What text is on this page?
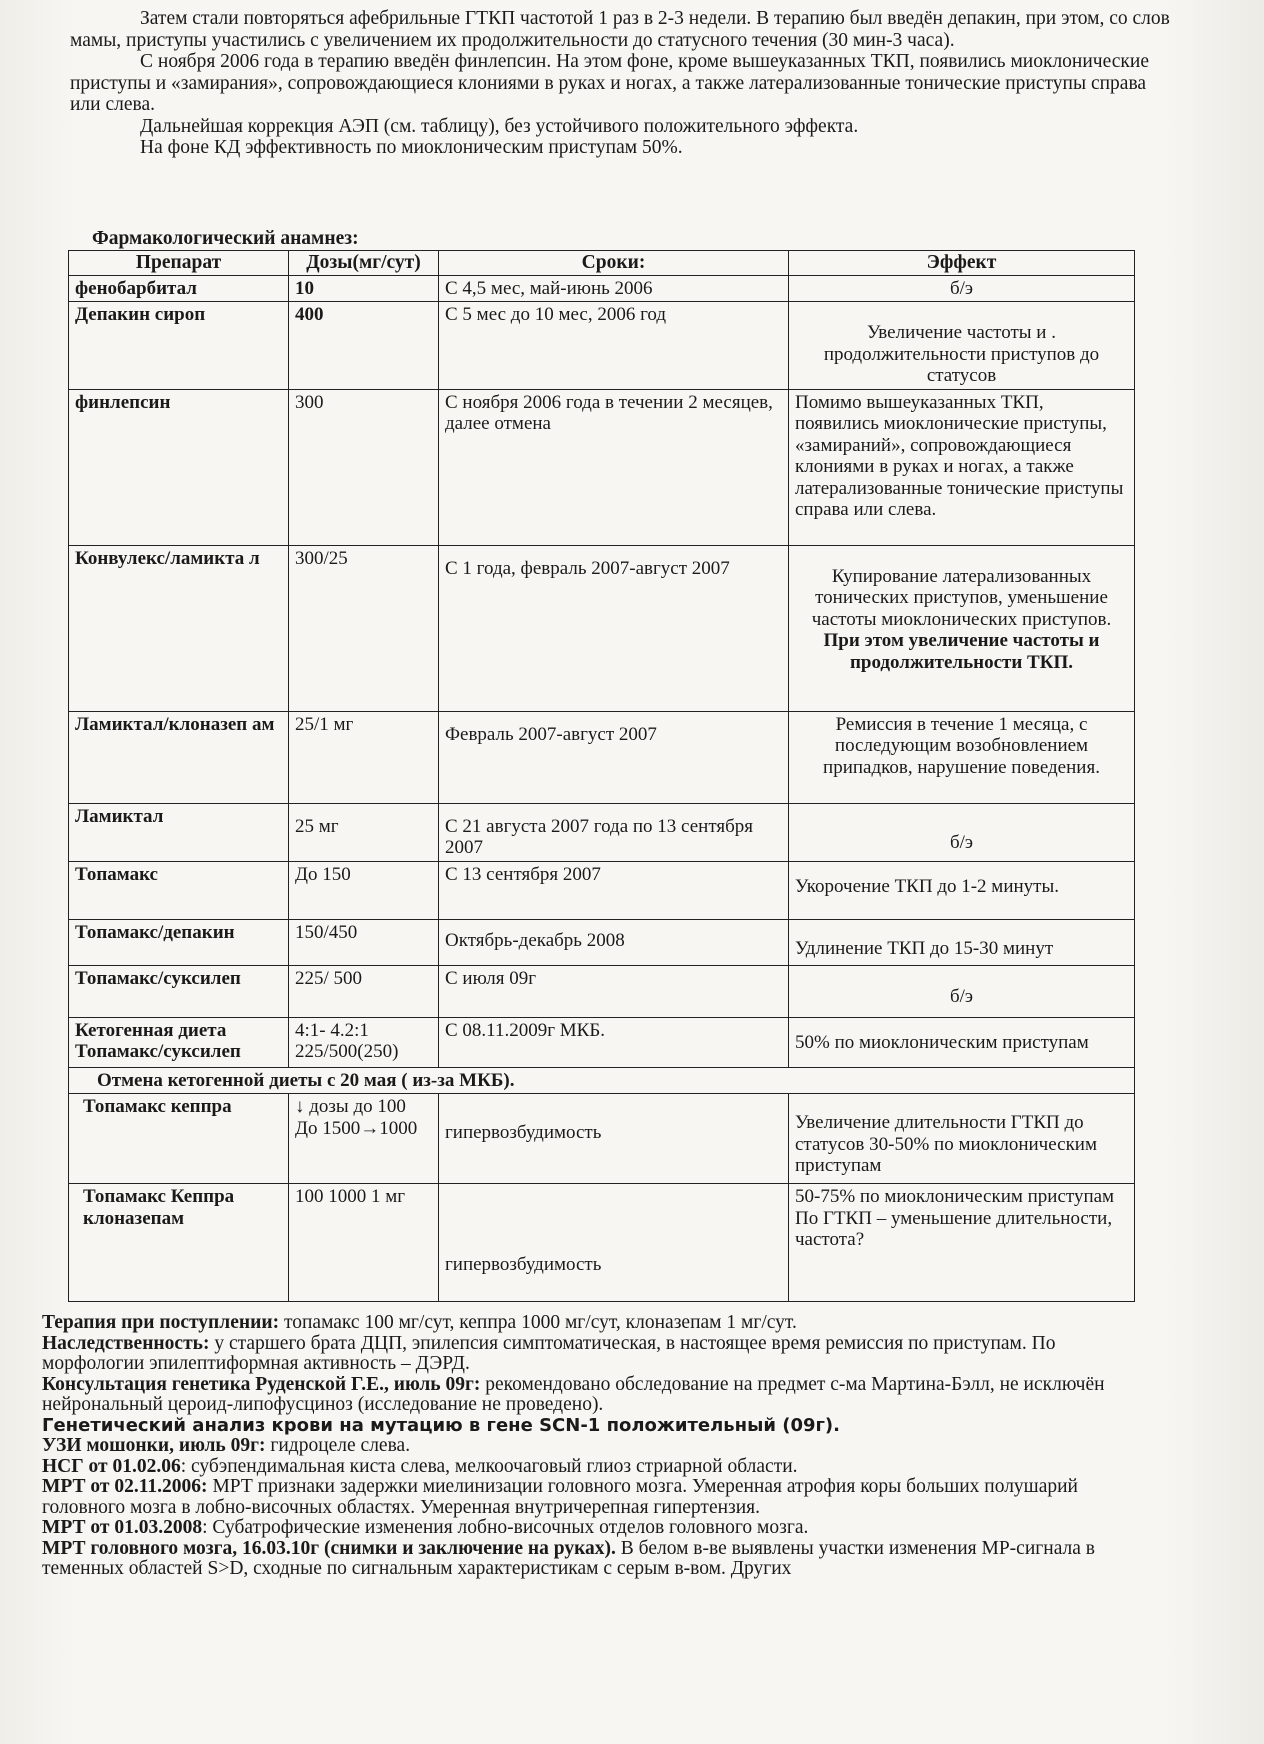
Затем стали повторяться афебрильные ГТКП частотой 1 раз в 2-3 недели. В терапию был введён депакин, при этом, со слов мамы, приступы участились с увеличением их продолжительности до статусного течения (30 мин-3 часа).

С ноября 2006 года в терапию введён финлепсин. На этом фоне, кроме вышеуказанных ТКП, появились миоклонические приступы и «замирания», сопровождающиеся клониями в руках и ногах, а также латерализованные тонические приступы справа или слева.

Дальнейшая коррекция АЭП (см. таблицу), без устойчивого положительного эффекта.

На фоне КД эффективность по миоклоническим приступам 50%.

Фармакологический анамнез:
Препарат	Дозы(мг/сут)	Сроки:	Эффект
фенобарбитал	10	С 4,5 мес, май-июнь 2006	б/э
Депакин сироп	400	С 5 мес до 10 мес, 2006 год	Увеличение частоты и . продолжительности приступов до статусов
финлепсин	300	С ноября 2006 года в течении 2 месяцев, далее отмена	Помимо вышеуказанных ТКП, появились миоклонические приступы, «замираний», сопровождающиеся клониями в руках и ногах, а также латерализованные тонические приступы справа или слева.
Конвулекс/ламикта л	300/25	С 1 года, февраль 2007-август 2007	Купирование латерализованных тонических приступов, уменьшение частоты миоклонических приступов. При этом увеличение частоты и продолжительности ТКП.
Ламиктал/клоназеп ам	25/1 мг	Февраль 2007-август 2007	Ремиссия в течение 1 месяца, с последующим возобновлением припадков, нарушение поведения.
Ламиктал	25 мг	С 21 августа 2007 года по 13 сентября 2007	б/э
Топамакс	До 150	С 13 сентября 2007	Укорочение ТКП до 1-2 минуты.
Топамакс/депакин	150/450	Октябрь-декабрь 2008	Удлинение ТКП до 15-30 минут
Топамакс/суксилеп	225/ 500	С июля 09г	б/э
Кетогенная диета Топамакс/суксилеп	4:1- 4.2:1 225/500(250)	С 08.11.2009г МКБ.	50% по миоклоническим приступам
Отмена кетогенной диеты с 20 мая ( из-за МКБ).			
Топамакс кеппра	↓ дозы до 100 До 1500→1000	гипервозбудимость	Увеличение длительности ГТКП до статусов 30-50% по миоклоническим приступам
Топамакс Кеппра клоназепам	100 1000 1 мг	гипервозбудимость	50-75% по миоклоническим приступам По ГТКП – уменьшение длительности, частота?

Терапия при поступлении: топамакс 100 мг/сут, кеппра 1000 мг/сут, клоназепам 1 мг/сут.

Наследственность: у старшего брата ДЦП, эпилепсия симптоматическая, в настоящее время ремиссия по приступам. По морфологии эпилептиформная активность – ДЭРД.

Консультация генетика Руденской Г.Е., июль 09г: рекомендовано обследование на предмет с-ма Мартина-Бэлл, не исключён нейрональный цероид-липофусциноз (исследование не проведено).

Генетический анализ крови на мутацию в гене SCN-1 положительный (09г).

УЗИ мошонки, июль 09г: гидроцеле слева.

НСГ от 01.02.06: субэпендимальная киста слева, мелкоочаговый глиоз стриарной области.

МРТ от 02.11.2006: МРТ признаки задержки миелинизации головного мозга. Умеренная атрофия коры больших полушарий головного мозга в лобно-височных областях. Умеренная внутричерепная гипертензия.

МРТ от 01.03.2008: Субатрофические изменения лобно-височных отделов головного мозга.

МРТ головного мозга, 16.03.10г (снимки и заключение на руках). В белом в-ве выявлены участки изменения МР-сигнала в теменных областей S>D, сходные по сигнальным характеристикам с серым в-вом. Других
